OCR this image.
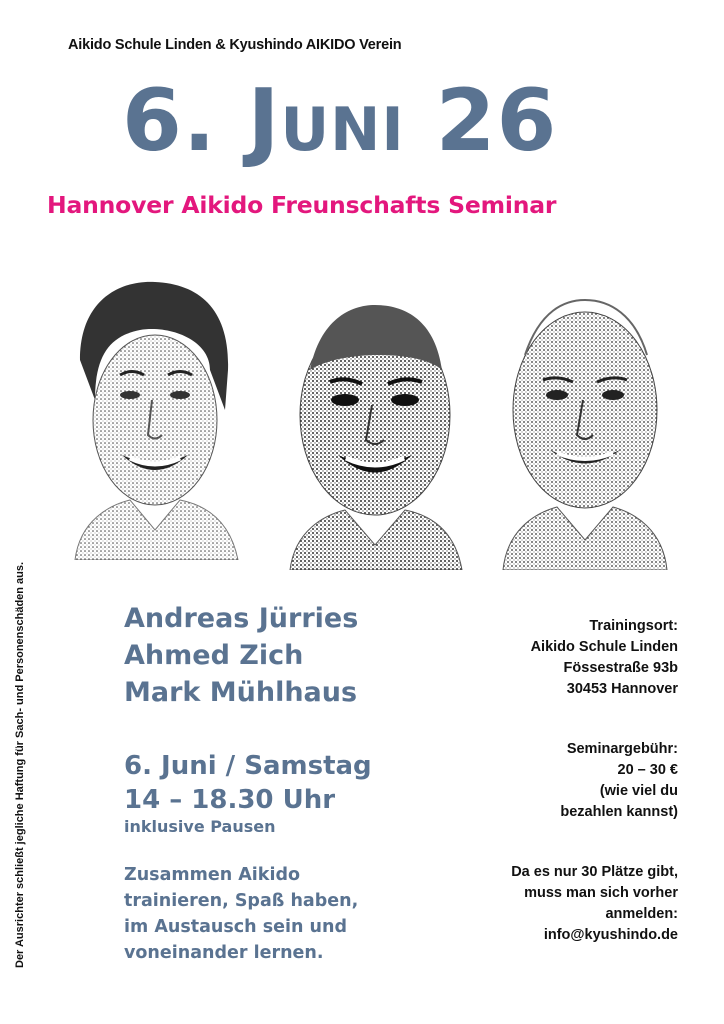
Aikido Schule Linden & Kyushindo AIKIDO Verein
6. Juni 26
Hannover Aikido Freunschafts Seminar
Andreas Jürries
Ahmed Zich
Mark Mühlhaus
6. Juni / Samstag
14 – 18.30 Uhr
inklusive Pausen
Zusammen Aikido
trainieren, Spaß haben,
im Austausch sein und
voneinander lernen.
Trainingsort:
Aikido Schule Linden
Fössestraße 93b
30453 Hannover
Seminargebühr:
20 – 30 €
(wie viel du
bezahlen kannst)
Da es nur 30 Plätze gibt,
muss man sich vorher
anmelden:
info@kyushindo.de
Der Ausrichter schließt jegliche Haftung für Sach- und Personenschäden aus.
